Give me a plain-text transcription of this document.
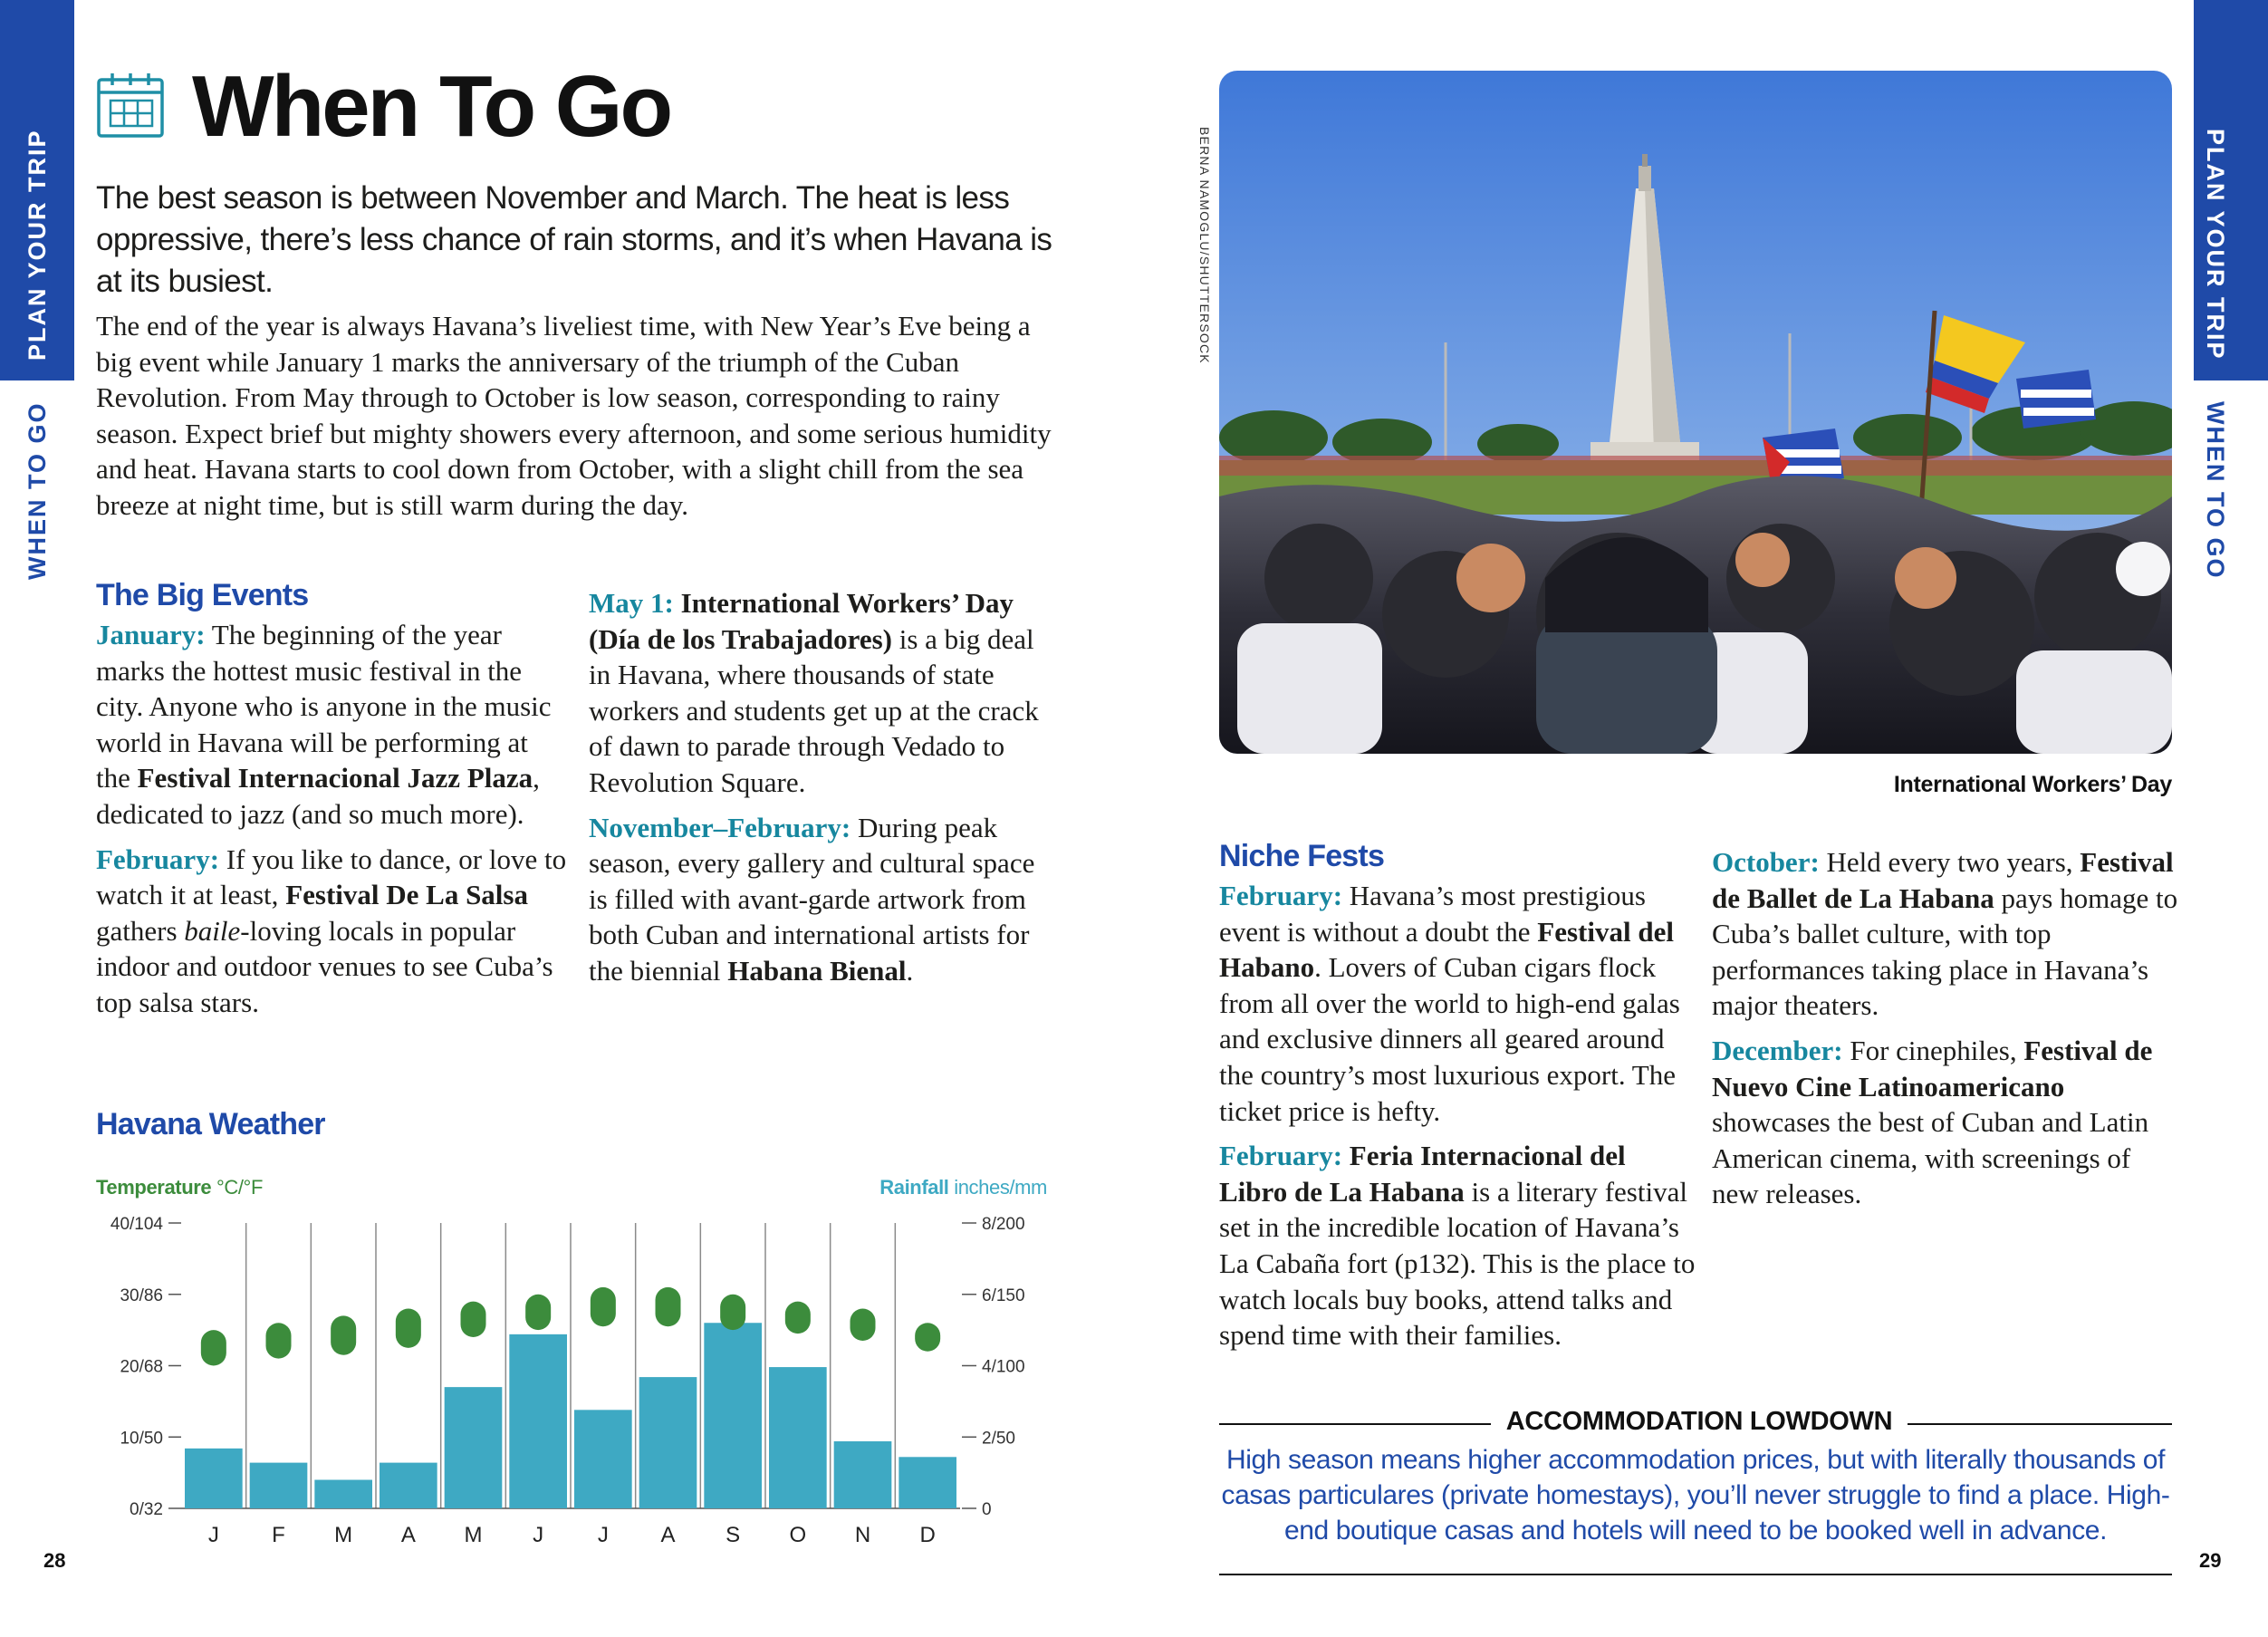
PLAN YOUR TRIP
WHEN TO GO
PLAN YOUR TRIP
WHEN TO GO
When To Go
The best season is between November and March. The heat is less oppressive, there’s less chance of rain storms, and it’s when Havana is at its busiest.
The end of the year is always Havana’s liveliest time, with New Year’s Eve being a big event while January 1 marks the anniversary of the triumph of the Cuban Revolution. From May through to October is low season, corresponding to rainy season. Expect brief but mighty showers every afternoon, and some serious humidity and heat. Havana starts to cool down from October, with a slight chill from the sea breeze at night time, but is still warm during the day.
The Big Events

January: The beginning of the year marks the hottest music festival in the city. Anyone who is anyone in the music world in Havana will be performing at the Festival Internacional Jazz Plaza, dedicated to jazz (and so much more).

February: If you like to dance, or love to watch it at least, Festival De La Salsa gathers baile-loving locals in popular indoor and outdoor venues to see Cuba’s top salsa stars.

May 1: International Workers’ Day (Día de los Trabajadores) is a big deal in Havana, where thousands of state workers and students get up at the crack of dawn to parade through Vedado to Revolution Square.

November–February: During peak season, every gallery and cultural space is filled with avant-garde artwork from both Cuban and international artists for the biennial Habana Bienal.

Havana Weather
Temperature °C/°F	Rainfall inches/mm
40/104
30/86
20/68
10/50
0/32
8/200
6/150
4/100
2/50
0
J F M A M J J A S O N D
28
BERNA NAMOGLU/SHUTTERSOCK
International Workers’ Day
Niche Fests

February: Havana’s most prestigious event is without a doubt the Festival del Habano. Lovers of Cuban cigars flock from all over the world to high-end galas and exclusive dinners all geared around the country’s most luxurious export. The ticket price is hefty.

February: Feria Internacional del Libro de La Habana is a literary festival set in the incredible location of Havana’s La Cabaña fort (p132). This is the place to watch locals buy books, attend talks and spend time with their families.

October: Held every two years, Festival de Ballet de La Habana pays homage to Cuba’s ballet culture, with top performances taking place in Havana’s major theaters.

December: For cinephiles, Festival de Nuevo Cine Latinoamericano showcases the best of Cuban and Latin American cinema, with screenings of new releases.

ACCOMMODATION LOWDOWN
High season means higher accommodation prices, but with literally thousands of casas particulares (private homestays), you’ll never struggle to find a place. High-end boutique casas and hotels will need to be booked well in advance.
29
